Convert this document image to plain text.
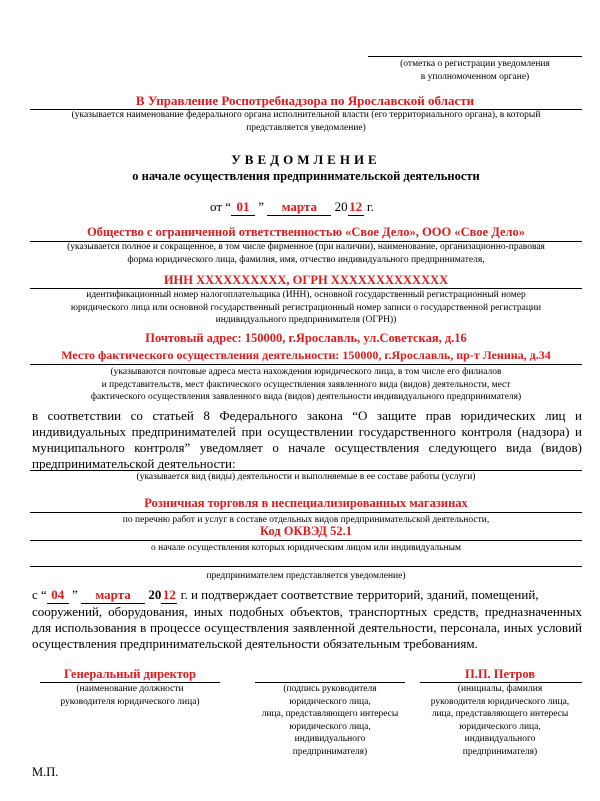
(отметка о регистрации уведомления
в уполномоченном органе)
В Управление Роспотребнадзора по Ярославской области
(указывается наименование федерального органа исполнительной власти (его территориального органа), в который
представляется уведомление)
УВЕДОМЛЕНИЕ
о начале осуществления предпринимательской деятельности
от “ 01 ” марта 20 12 г.
Общество с ограниченной ответственностью «Свое Дело», ООО «Свое Дело»
(указывается полное и сокращенное, в том числе фирменное (при наличии), наименование, организационно-правовая
форма юридического лица, фамилия, имя, отчество индивидуального предпринимателя,
ИНН XXXXXXXXXX, ОГРН XXXXXXXXXXXXX
идентификационный номер налогоплательщика (ИНН), основной государственный регистрационный номер
юридического лица или основной государственный регистрационный номер записи о государственной регистрации
индивидуального предпринимателя (ОГРН))
Почтовый адрес: 150000, г.Ярославль, ул.Советская, д.16
Место фактического осуществления деятельности: 150000, г.Ярославль, пр-т Ленина, д.34
(указываются почтовые адреса места нахождения юридического лица, в том числе его филиалов
и представительств, мест фактического осуществления заявленного вида (видов) деятельности, мест
фактического осуществления заявленного вида (видов) деятельности индивидуального предпринимателя)
в соответствии со статьей 8 Федерального закона “О защите прав юридических лиц и
индивидуальных предпринимателей при осуществлении государственного контроля (надзора) и
муниципального контроля” уведомляет о начале осуществления следующего вида (видов)
предпринимательской деятельности:
(указывается вид (виды) деятельности и выполняемые в ее составе работы (услуги)
Розничная торговля в неспециализированных магазинах
по перечню работ и услуг в составе отдельных видов предпринимательской деятельности,
Код ОКВЭД 52.1
о начале осуществления которых юридическим лицом или индивидуальным
предпринимателем представляется уведомление)
с “ 04 ” марта 20 12 г. и подтверждает соответствие территорий, зданий, помещений,
сооружений, оборудования, иных подобных объектов, транспортных средств, предназначенных
для использования в процессе осуществления заявленной деятельности, персонала, иных условий
осуществления предпринимательской деятельности обязательным требованиям.
Генеральный директор
(наименование должности
руководителя юридического лица)
(подпись руководителя
юридического лица,
лица, представляющего интересы
юридического лица,
индивидуального
предпринимателя)
П.П. Петров
(инициалы, фамилия
руководителя юридического лица,
лица, представляющего интересы
юридического лица,
индивидуального
предпринимателя)
М.П.
